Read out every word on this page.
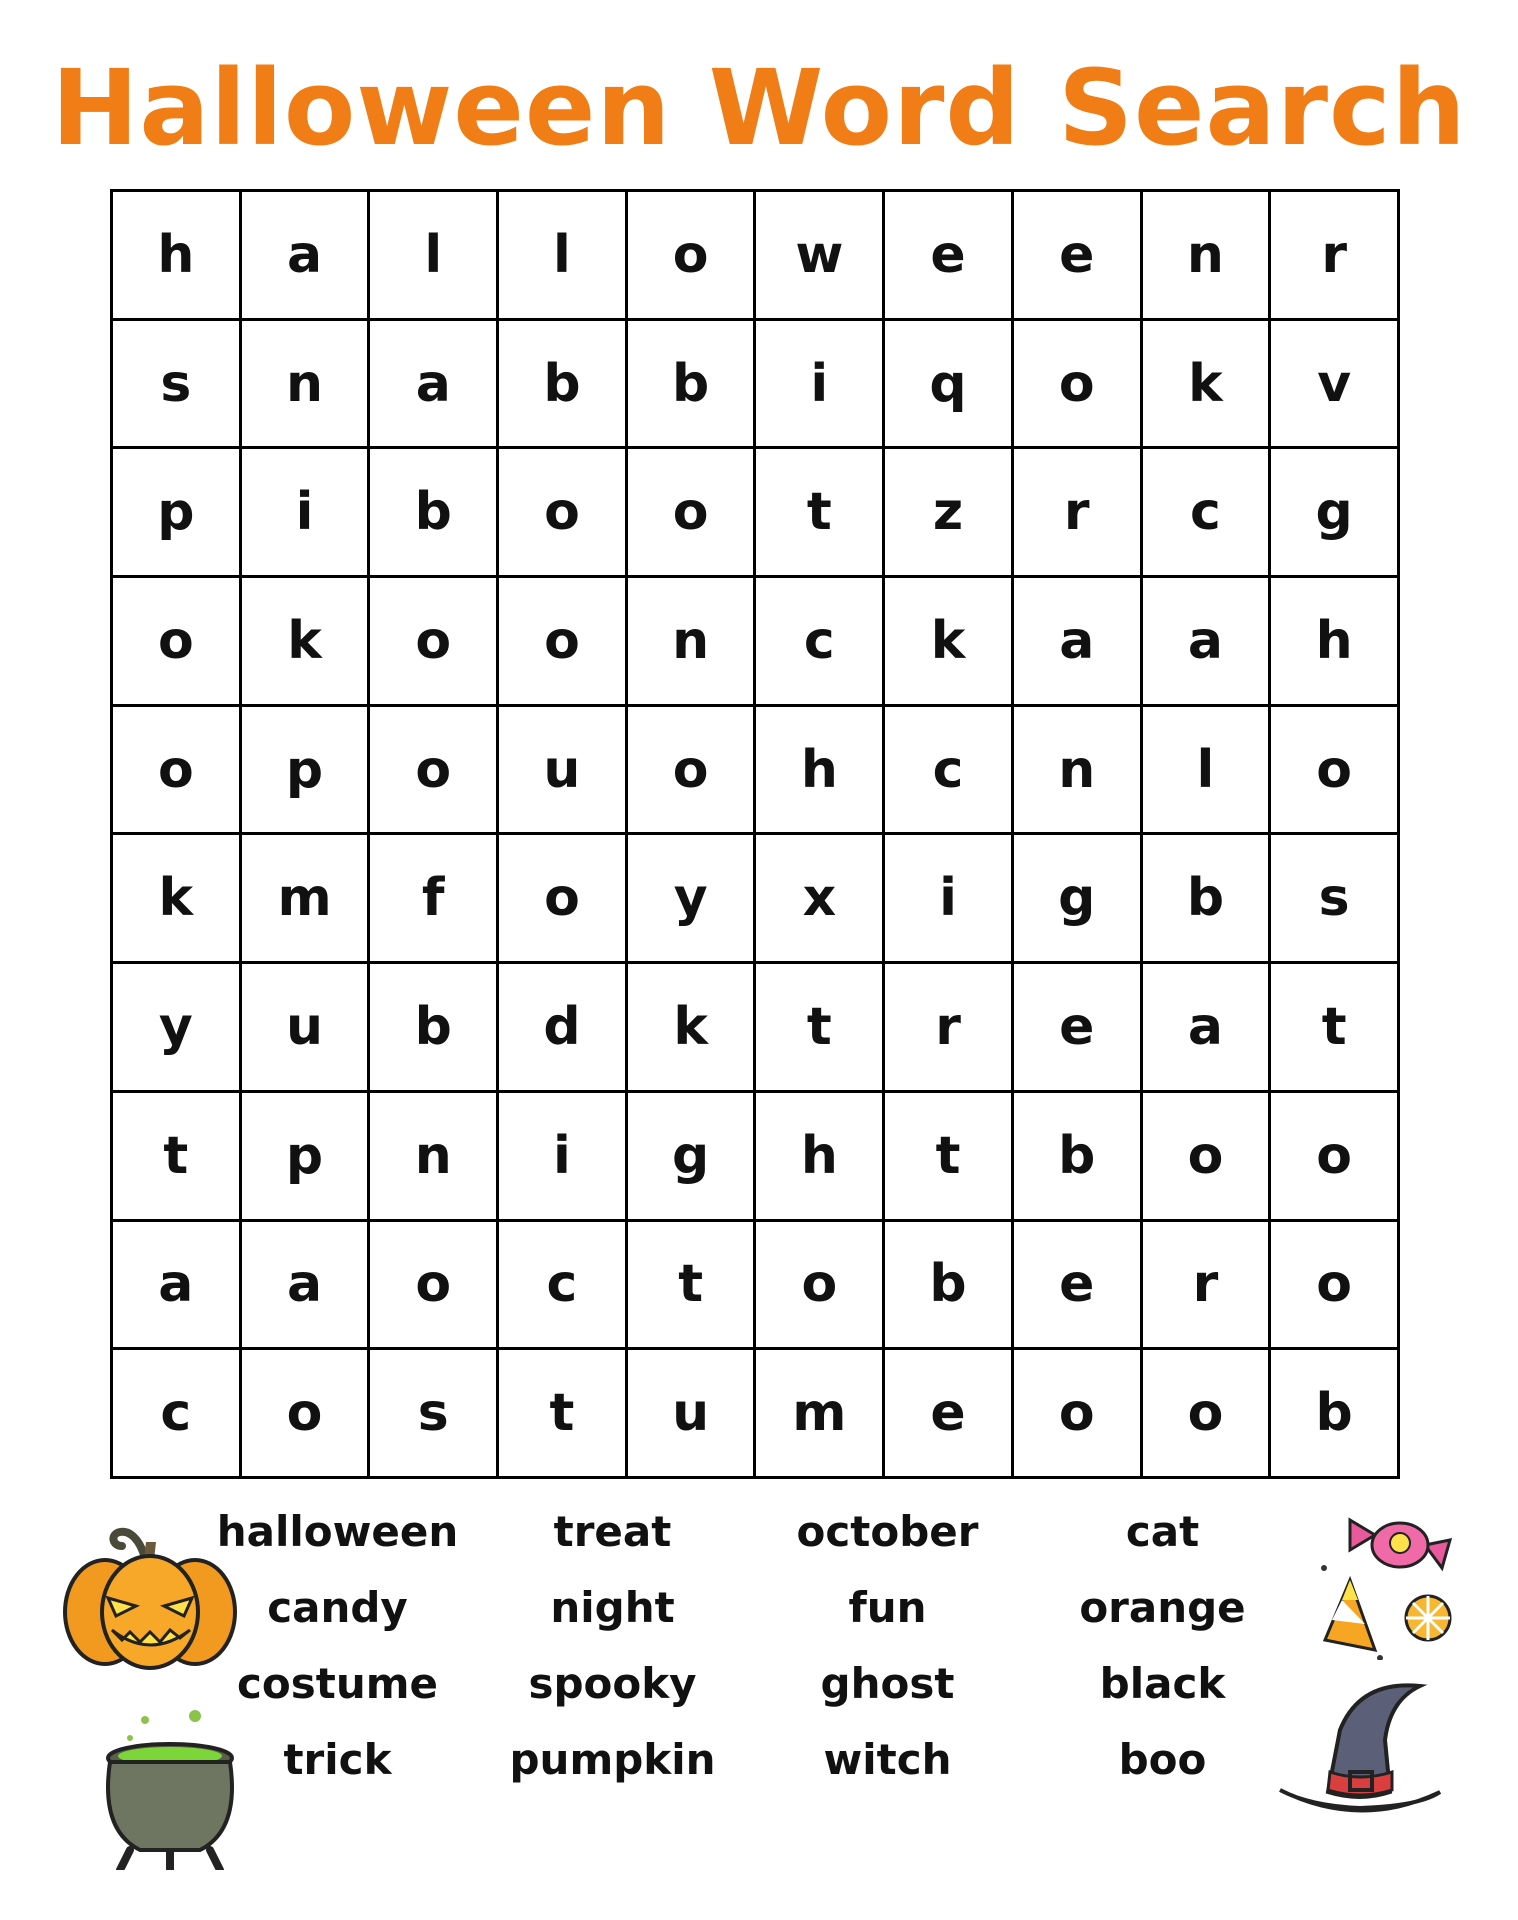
Halloween Word Search
h	a	l	l	o	w	e	e	n	r
s	n	a	b	b	i	q	o	k	v
p	i	b	o	o	t	z	r	c	g
o	k	o	o	n	c	k	a	a	h
o	p	o	u	o	h	c	n	l	o
k	m	f	o	y	x	i	g	b	s
y	u	b	d	k	t	r	e	a	t
t	p	n	i	g	h	t	b	o	o
a	a	o	c	t	o	b	e	r	o
c	o	s	t	u	m	e	o	o	b
halloween	treat	october	cat
candy	night	fun	orange
costume	spooky	ghost	black
trick	pumpkin	witch	boo
